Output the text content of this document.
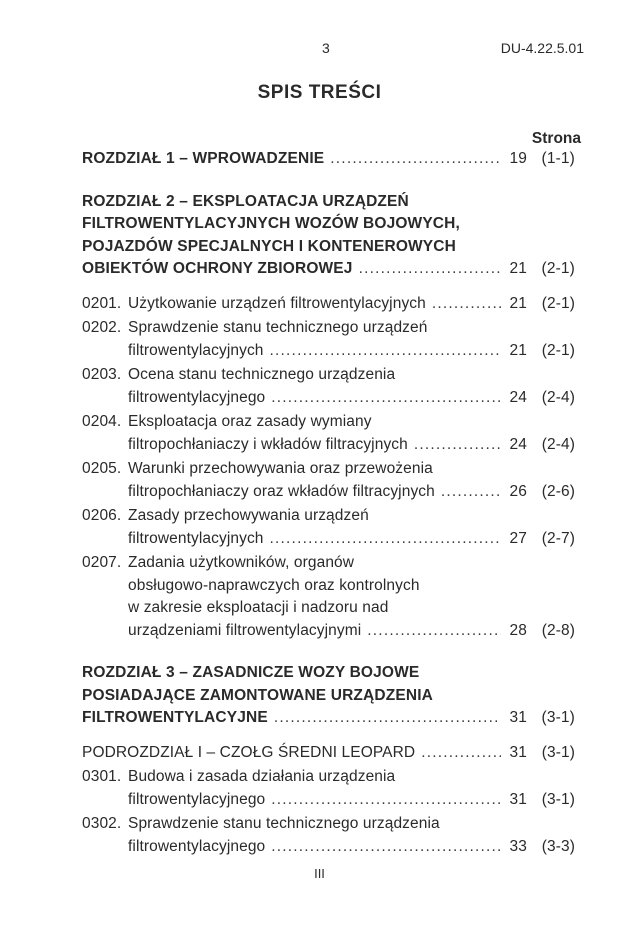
3	DU-4.22.5.01
SPIS TREŚCI
Strona
ROZDZIAŁ 1 – WPROWADZENIE .....	19 (1-1)
ROZDZIAŁ 2 – EKSPLOATACJA URZĄDZEŃ
FILTROWENTYLACYJNYCH WOZÓW BOJOWYCH,
POJAZDÓW SPECJALNYCH I KONTENEROWYCH
OBIEKTÓW OCHRONY ZBIOROWEJ .....	21 (2-1)
0201. Użytkowanie urządzeń filtrowentylacyjnych .....	21 (2-1)
0202. Sprawdzenie stanu technicznego urządzeń
filtrowentylacyjnych .....	21 (2-1)
0203. Ocena stanu technicznego urządzenia
filtrowentylacyjnego .....	24 (2-4)
0204. Eksploatacja oraz zasady wymiany
filtropochłaniaczy i wkładów filtracyjnych .....	24 (2-4)
0205. Warunki przechowywania oraz przewożenia
filtropochłaniaczy oraz wkładów filtracyjnych .....	26 (2-6)
0206. Zasady przechowywania urządzeń
filtrowentylacyjnych .....	27 (2-7)
0207. Zadania użytkowników, organów
obsługowo-naprawczych oraz kontrolnych
w zakresie eksploatacji i nadzoru nad
urządzeniami filtrowentylacyjnymi .....	28 (2-8)
ROZDZIAŁ 3 – ZASADNICZE WOZY BOJOWE
POSIADAJĄCE ZAMONTOWANE URZĄDZENIA
FILTROWENTYLACYJNE .....	31 (3-1)
PODROZDZIAŁ I – CZOŁG ŚREDNI LEOPARD .....	31 (3-1)
0301. Budowa i zasada działania urządzenia
filtrowentylacyjnego .....	31 (3-1)
0302. Sprawdzenie stanu technicznego urządzenia
filtrowentylacyjnego .....	33 (3-3)
III
